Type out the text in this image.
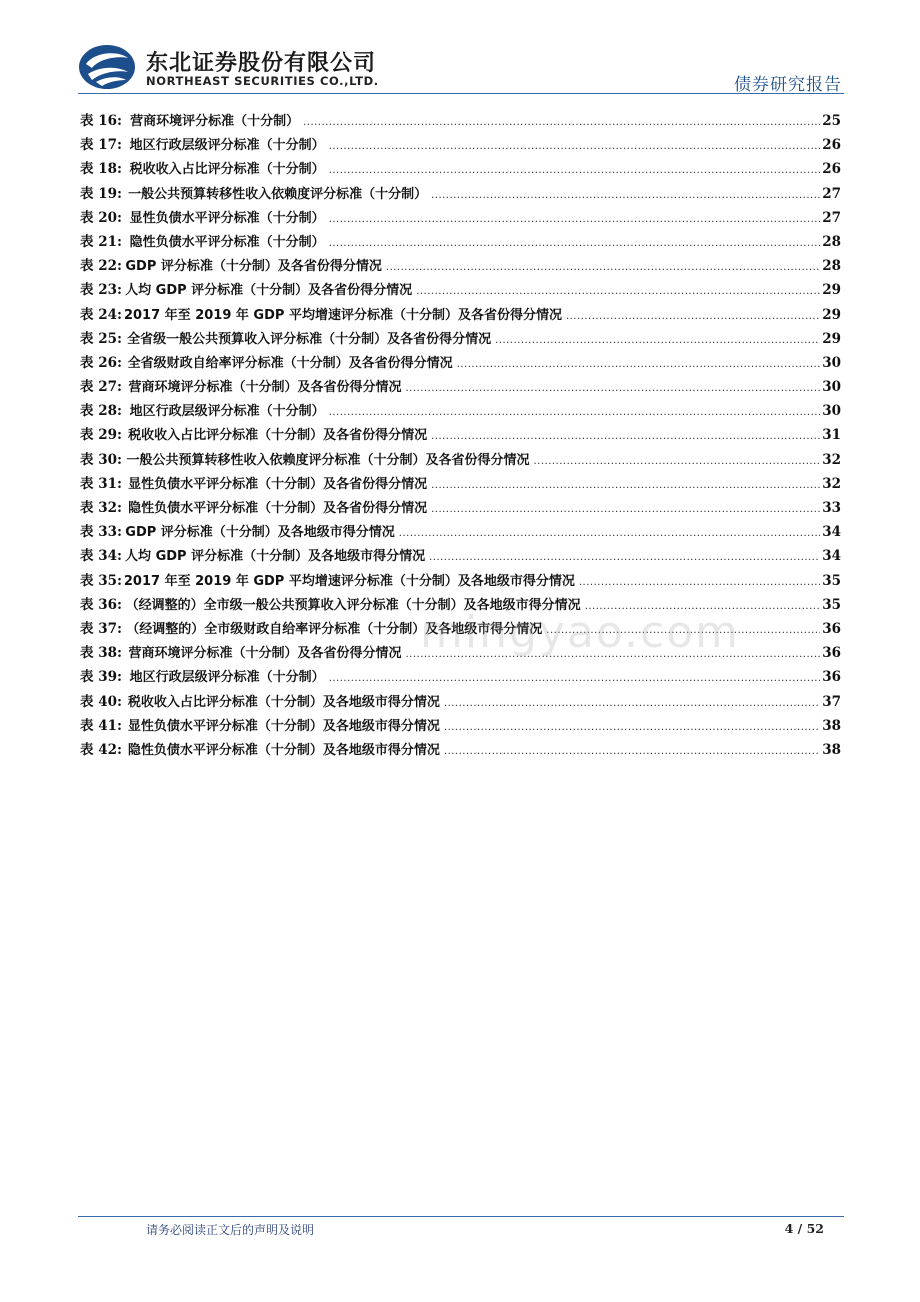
东北证券股份有限公司
NORTHEAST SECURITIES CO.,LTD.	债券研究报告
表 16: 营商环境评分标准（十分制） .....	25
表 17: 地区行政层级评分标准（十分制） .....	26
表 18: 税收收入占比评分标准（十分制） .....	26
表 19: 一般公共预算转移性收入依赖度评分标准（十分制） .....	27
表 20: 显性负债水平评分标准（十分制） .....	27
表 21: 隐性负债水平评分标准（十分制） .....	28
表 22: GDP 评分标准（十分制）及各省份得分情况 .....	28
表 23: 人均 GDP 评分标准（十分制）及各省份得分情况 .....	29
表 24: 2017 年至 2019 年 GDP 平均增速评分标准（十分制）及各省份得分情况 .....	29
表 25: 全省级一般公共预算收入评分标准（十分制）及各省份得分情况 .....	29
表 26: 全省级财政自给率评分标准（十分制）及各省份得分情况 .....	30
表 27: 营商环境评分标准（十分制）及各省份得分情况 .....	30
表 28: 地区行政层级评分标准（十分制） .....	30
表 29: 税收收入占比评分标准（十分制）及各省份得分情况 .....	31
表 30: 一般公共预算转移性收入依赖度评分标准（十分制）及各省份得分情况 .....	32
表 31: 显性负债水平评分标准（十分制）及各省份得分情况 .....	32
表 32: 隐性负债水平评分标准（十分制）及各省份得分情况 .....	33
表 33: GDP 评分标准（十分制）及各地级市得分情况 .....	34
表 34: 人均 GDP 评分标准（十分制）及各地级市得分情况 .....	34
表 35: 2017 年至 2019 年 GDP 平均增速评分标准（十分制）及各地级市得分情况 .....	35
表 36: （经调整的）全市级一般公共预算收入评分标准（十分制）及各地级市得分情况 .....	35
表 37: （经调整的）全市级财政自给率评分标准（十分制）及各地级市得分情况 .....	36
表 38: 营商环境评分标准（十分制）及各省份得分情况 .....	36
表 39: 地区行政层级评分标准（十分制） .....	36
表 40: 税收收入占比评分标准（十分制）及各地级市得分情况 .....	37
表 41: 显性负债水平评分标准（十分制）及各地级市得分情况 .....	38
表 42: 隐性负债水平评分标准（十分制）及各地级市得分情况 .....	38
mingyao.com
请务必阅读正文后的声明及说明	4 / 52
